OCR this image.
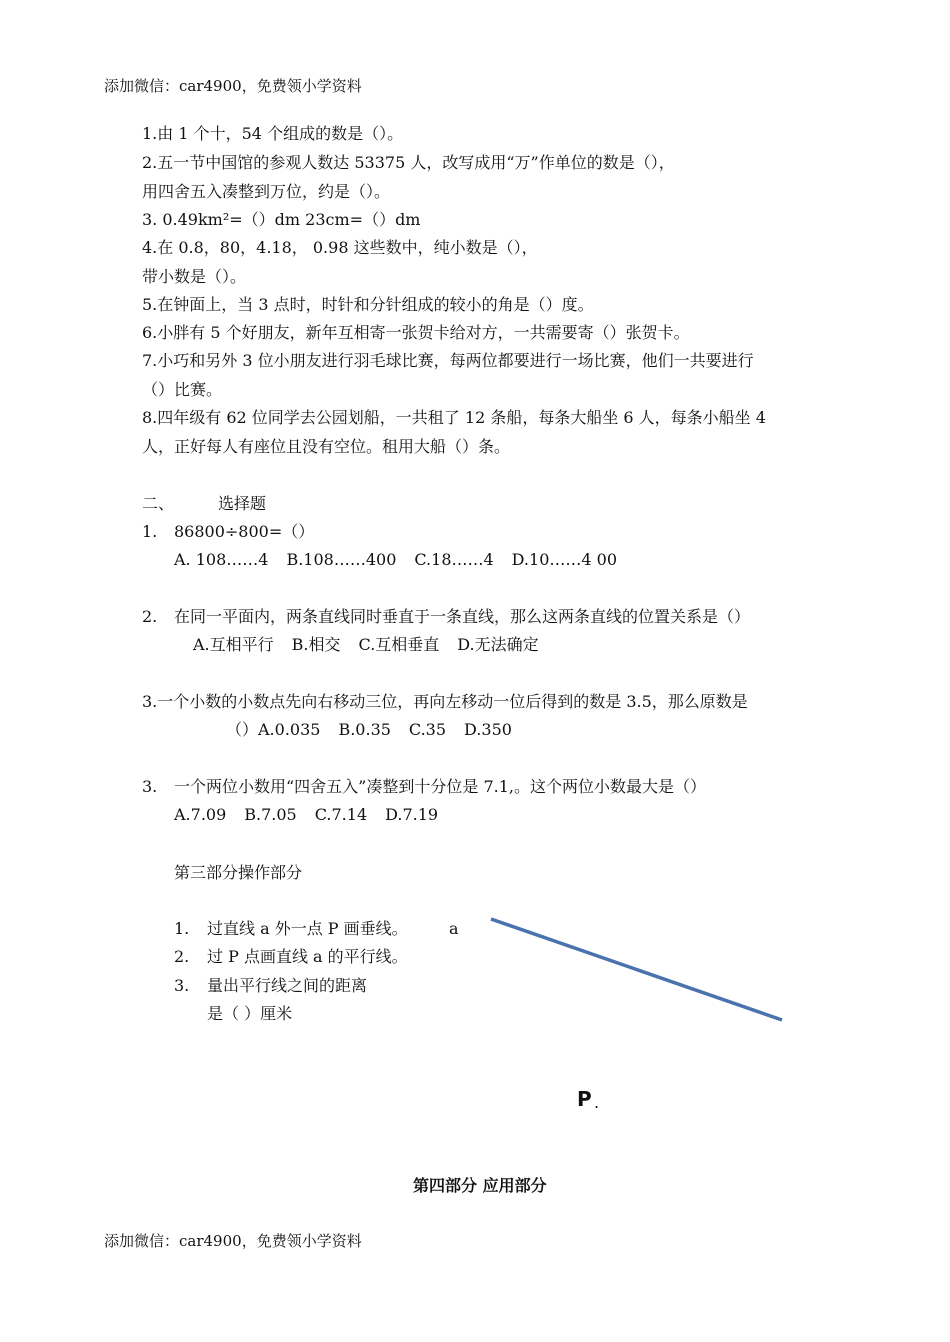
添加微信：car4900，免费领小学资料
1.由 1 个十，54 个组成的数是（）。
2.五一节中国馆的参观人数达 53375 人，改写成用“万”作单位的数是（），
用四舍五入凑整到万位，约是（）。
3. 0.49km²=（）dm 23cm=（）dm
4.在 0.8，80，4.18， 0.98 这些数中，纯小数是（），
带小数是（）。
5.在钟面上，当 3 点时，时针和分针组成的较小的角是（）度。
6.小胖有 5 个好朋友，新年互相寄一张贺卡给对方，一共需要寄（）张贺卡。
7.小巧和另外 3 位小朋友进行羽毛球比赛，每两位都要进行一场比赛，他们一共要进行
（）比赛。
8.四年级有 62 位同学去公园划船，一共租了 12 条船，每条大船坐 6 人，每条小船坐 4
人，正好每人有座位且没有空位。租用大船（）条。
二、	选择题
1. 86800÷800=（）
A. 108……4 B.108……400 C.18……4 D.10……4 00
2. 在同一平面内，两条直线同时垂直于一条直线，那么这两条直线的位置关系是（）
A.互相平行 B.相交 C.互相垂直 D.无法确定
3.一个小数的小数点先向右移动三位，再向左移动一位后得到的数是 3.5，那么原数是
（）A.0.035 B.0.35 C.35 D.350
3. 一个两位小数用“四舍五入”凑整到十分位是 7.1,。这个两位小数最大是（）
A.7.09 B.7.05 C.7.14 D.7.19
第三部分操作部分
1. 过直线 a 外一点 P 画垂线。
2. 过 P 点画直线 a 的平行线。
3. 量出平行线之间的距离
是（ ）厘米
a
P .
第四部分 应用部分
添加微信：car4900，免费领小学资料
